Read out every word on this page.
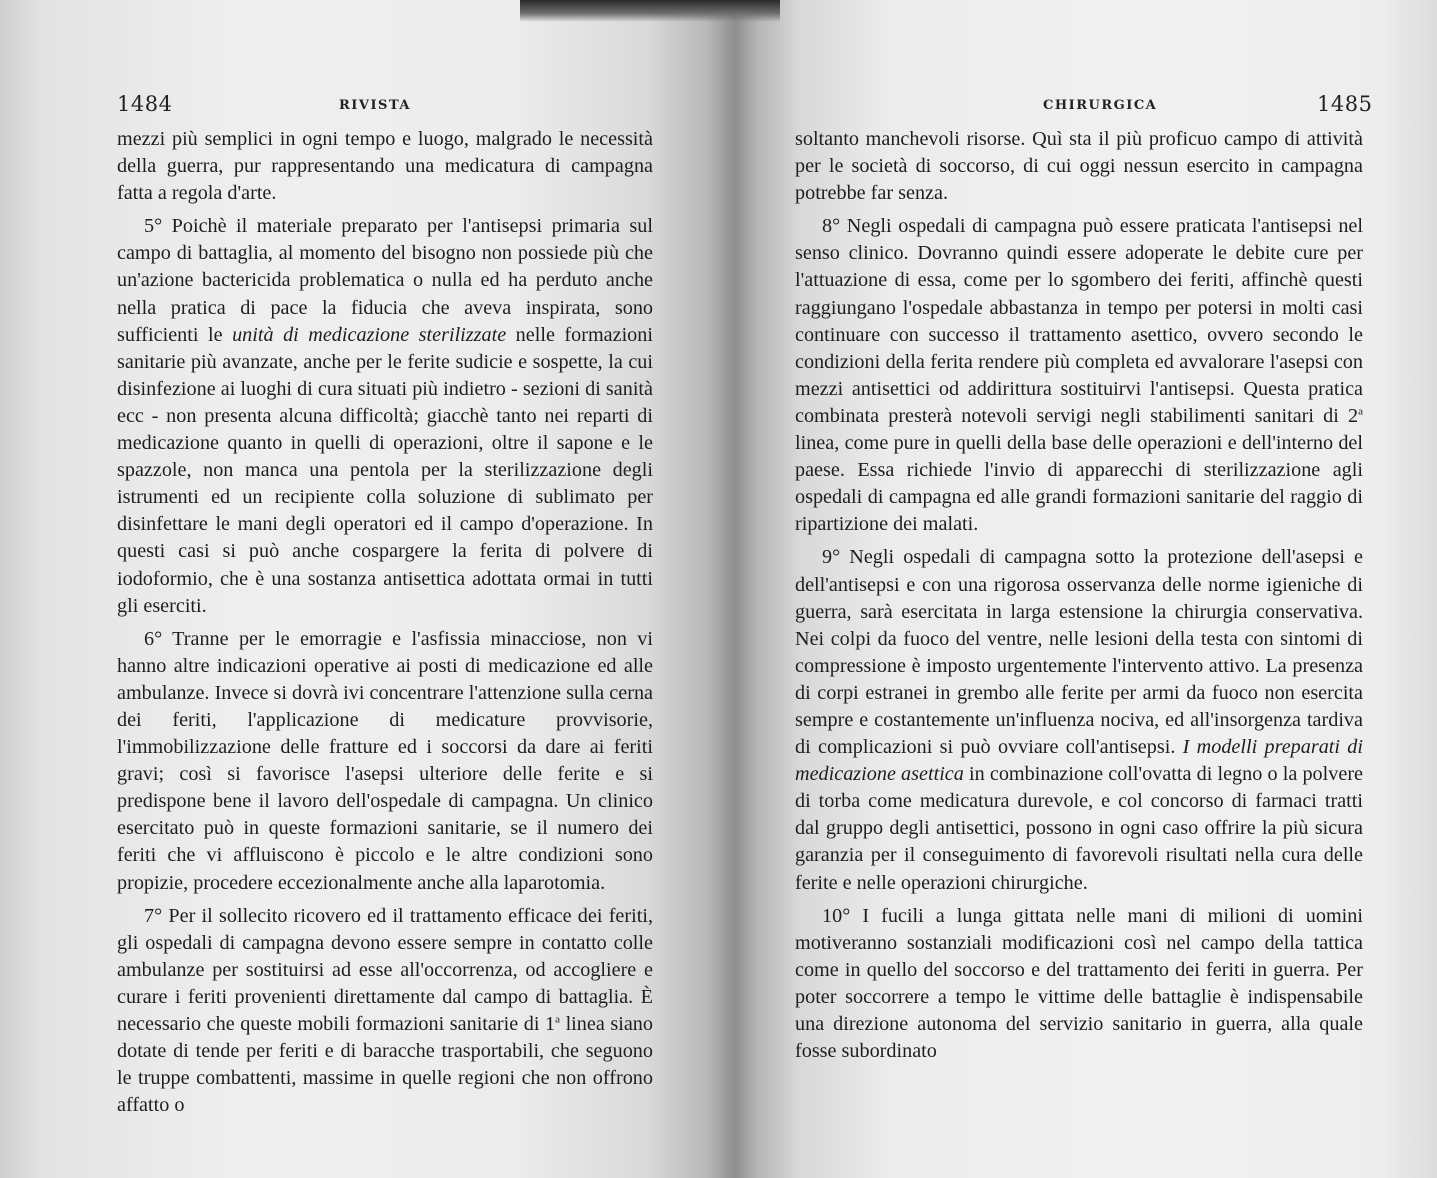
1484	RIVISTA

mezzi più semplici in ogni tempo e luogo, malgrado le necessità della guerra, pur rappresentando una medicatura di campagna fatta a regola d'arte.

5° Poichè il materiale preparato per l'antisepsi primaria sul campo di battaglia, al momento del bisogno non possiede più che un'azione bactericida problematica o nulla ed ha perduto anche nella pratica di pace la fiducia che aveva inspirata, sono sufficienti le unità di medicazione sterilizzate nelle formazioni sanitarie più avanzate, anche per le ferite sudicie e sospette, la cui disinfezione ai luoghi di cura situati più indietro - sezioni di sanità ecc - non presenta alcuna difficoltà; giacchè tanto nei reparti di medicazione quanto in quelli di operazioni, oltre il sapone e le spazzole, non manca una pentola per la sterilizzazione degli istrumenti ed un recipiente colla soluzione di sublimato per disinfettare le mani degli operatori ed il campo d'operazione. In questi casi si può anche cospargere la ferita di polvere di iodoformio, che è una sostanza antisettica adottata ormai in tutti gli eserciti.

6° Tranne per le emorragie e l'asfissia minacciose, non vi hanno altre indicazioni operative ai posti di medicazione ed alle ambulanze. Invece si dovrà ivi concentrare l'attenzione sulla cerna dei feriti, l'applicazione di medicature provvisorie, l'immobilizzazione delle fratture ed i soccorsi da dare ai feriti gravi; così si favorisce l'asepsi ulteriore delle ferite e si predispone bene il lavoro dell'ospedale di campagna. Un clinico esercitato può in queste formazioni sanitarie, se il numero dei feriti che vi affluiscono è piccolo e le altre condizioni sono propizie, procedere eccezionalmente anche alla laparotomia.

7° Per il sollecito ricovero ed il trattamento efficace dei feriti, gli ospedali di campagna devono essere sempre in contatto colle ambulanze per sostituirsi ad esse all'occorrenza, od accogliere e curare i feriti provenienti direttamente dal campo di battaglia. È necessario che queste mobili formazioni sanitarie di 1$^a$ linea siano dotate di tende per feriti e di baracche trasportabili, che seguono le truppe combattenti, massime in quelle regioni che non offrono affatto o

CHIRURGICA	1485

soltanto manchevoli risorse. Quì sta il più proficuo campo di attività per le società di soccorso, di cui oggi nessun esercito in campagna potrebbe far senza.

8° Negli ospedali di campagna può essere praticata l'antisepsi nel senso clinico. Dovranno quindi essere adoperate le debite cure per l'attuazione di essa, come per lo sgombero dei feriti, affinchè questi raggiungano l'ospedale abbastanza in tempo per potersi in molti casi continuare con successo il trattamento asettico, ovvero secondo le condizioni della ferita rendere più completa ed avvalorare l'asepsi con mezzi antisettici od addirittura sostituirvi l'antisepsi. Questa pratica combinata presterà notevoli servigi negli stabilimenti sanitari di 2$^a$ linea, come pure in quelli della base delle operazioni e dell'interno del paese. Essa richiede l'invio di apparecchi di sterilizzazione agli ospedali di campagna ed alle grandi formazioni sanitarie del raggio di ripartizione dei malati.

9° Negli ospedali di campagna sotto la protezione dell'asepsi e dell'antisepsi e con una rigorosa osservanza delle norme igieniche di guerra, sarà esercitata in larga estensione la chirurgia conservativa. Nei colpi da fuoco del ventre, nelle lesioni della testa con sintomi di compressione è imposto urgentemente l'intervento attivo. La presenza di corpi estranei in grembo alle ferite per armi da fuoco non esercita sempre e costantemente un'influenza nociva, ed all'insorgenza tardiva di complicazioni si può ovviare coll'antisepsi. I modelli preparati di medicazione asettica in combinazione coll'ovatta di legno o la polvere di torba come medicatura durevole, e col concorso di farmaci tratti dal gruppo degli antisettici, possono in ogni caso offrire la più sicura garanzia per il conseguimento di favorevoli risultati nella cura delle ferite e nelle operazioni chirurgiche.

10° I fucili a lunga gittata nelle mani di milioni di uomini motiveranno sostanziali modificazioni così nel campo della tattica come in quello del soccorso e del trattamento dei feriti in guerra. Per poter soccorrere a tempo le vittime delle battaglie è indispensabile una direzione autonoma del servizio sanitario in guerra, alla quale fosse subordinato
